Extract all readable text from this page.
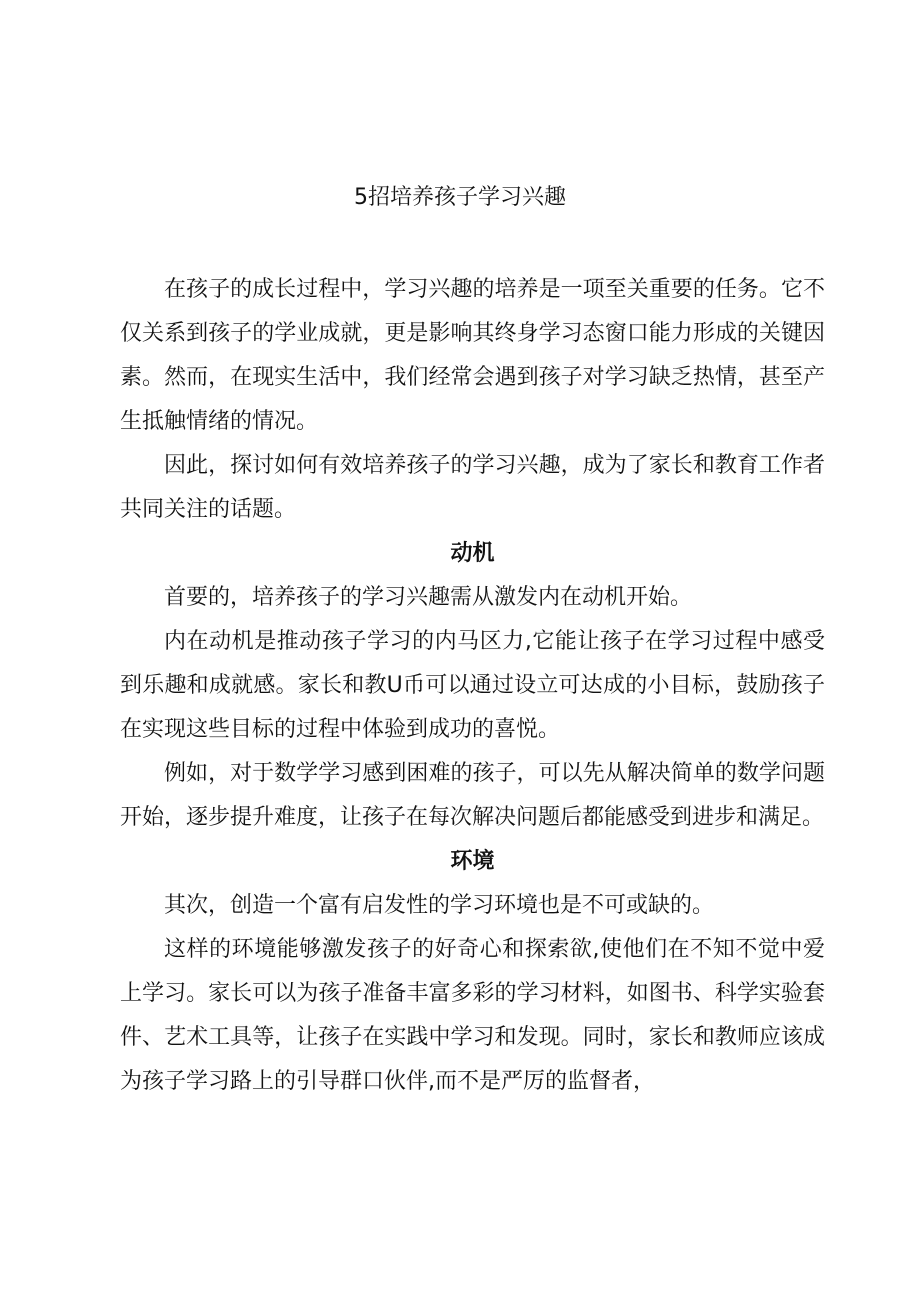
5招培养孩子学习兴趣

在孩子的成长过程中，学习兴趣的培养是一项至关重要的任务。它不仅关系到孩子的学业成就，更是影响其终身学习态窗口能力形成的关键因素。然而，在现实生活中，我们经常会遇到孩子对学习缺乏热情，甚至产生抵触情绪的情况。

因此，探讨如何有效培养孩子的学习兴趣，成为了家长和教育工作者共同关注的话题。

动机

首要的，培养孩子的学习兴趣需从激发内在动机开始。

内在动机是推动孩子学习的内马区力,它能让孩子在学习过程中感受到乐趣和成就感。家长和教U币可以通过设立可达成的小目标，鼓励孩子在实现这些目标的过程中体验到成功的喜悦。

例如，对于数学学习感到困难的孩子，可以先从解决简单的数学问题开始，逐步提升难度，让孩子在每次解决问题后都能感受到进步和满足。

环境

其次，创造一个富有启发性的学习环境也是不可或缺的。

这样的环境能够激发孩子的好奇心和探索欲,使他们在不知不觉中爱上学习。家长可以为孩子准备丰富多彩的学习材料，如图书、科学实验套件、艺术工具等，让孩子在实践中学习和发现。同时，家长和教师应该成为孩子学习路上的引导群口伙伴,而不是严厉的监督者，
